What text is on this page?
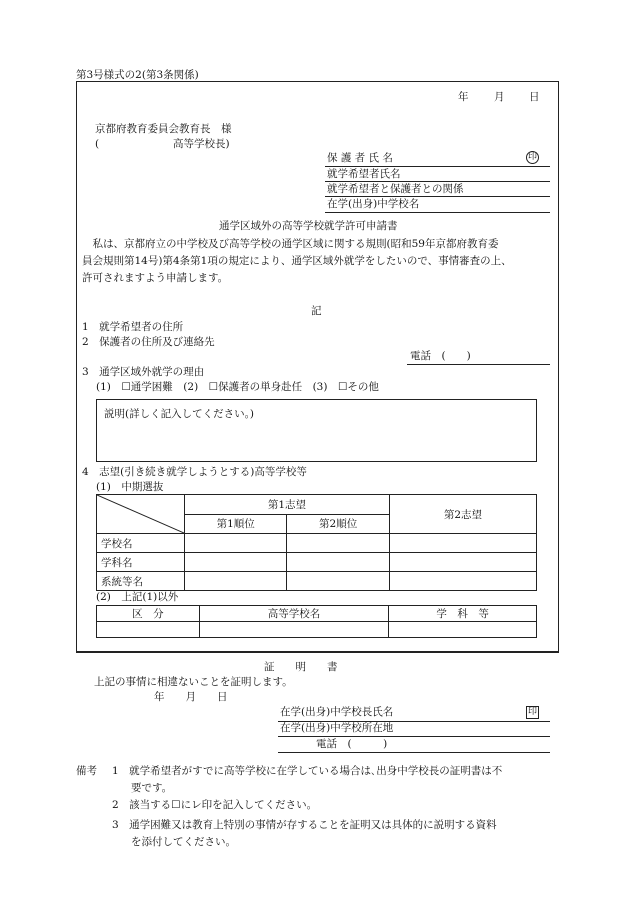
第3号様式の2(第3条関係)
年 月 日
京都府教育委員会教育長　様
(	高等学校長)
保 護 者 氏 名	印
就学希望者氏名
就学希望者と保護者との関係
在学(出身)中学校名
通学区域外の高等学校就学許可申請書
　私は、京都府立の中学校及び高等学校の通学区域に関する規則(昭和59年京都府教育委
員会規則第14号)第4条第1項の規定により、通学区域外就学をしたいので、事情審査の上、
許可されますよう申請します。
記
1　就学希望者の住所
2　保護者の住所及び連絡先
電話　(　　)
3　通学区域外就学の理由
(1)　☐通学困難　(2)　☐保護者の単身赴任　(3)　☐その他
説明(詳しく記入してください。)
4　志望(引き続き就学しようとする)高等学校等
(1)　中期選抜
	第1志望		第2志望
	第1順位	第2順位	
学校名			
学科名			
系統等名			
(2)　上記(1)以外
区　分	高等学校名	学　科　等

証　　明　　書
上記の事情に相違ないことを証明します。
年　　月　　日
在学(出身)中学校長氏名	印
在学(出身)中学校所在地
電話　(　　　)
備考 1　就学希望者がすでに高等学校に在学している場合は､出身中学校長の証明書は不
要です。
2　該当する☐にレ印を記入してください。
3　通学困難又は教育上特別の事情が存することを証明又は具体的に説明する資料
を添付してください。
